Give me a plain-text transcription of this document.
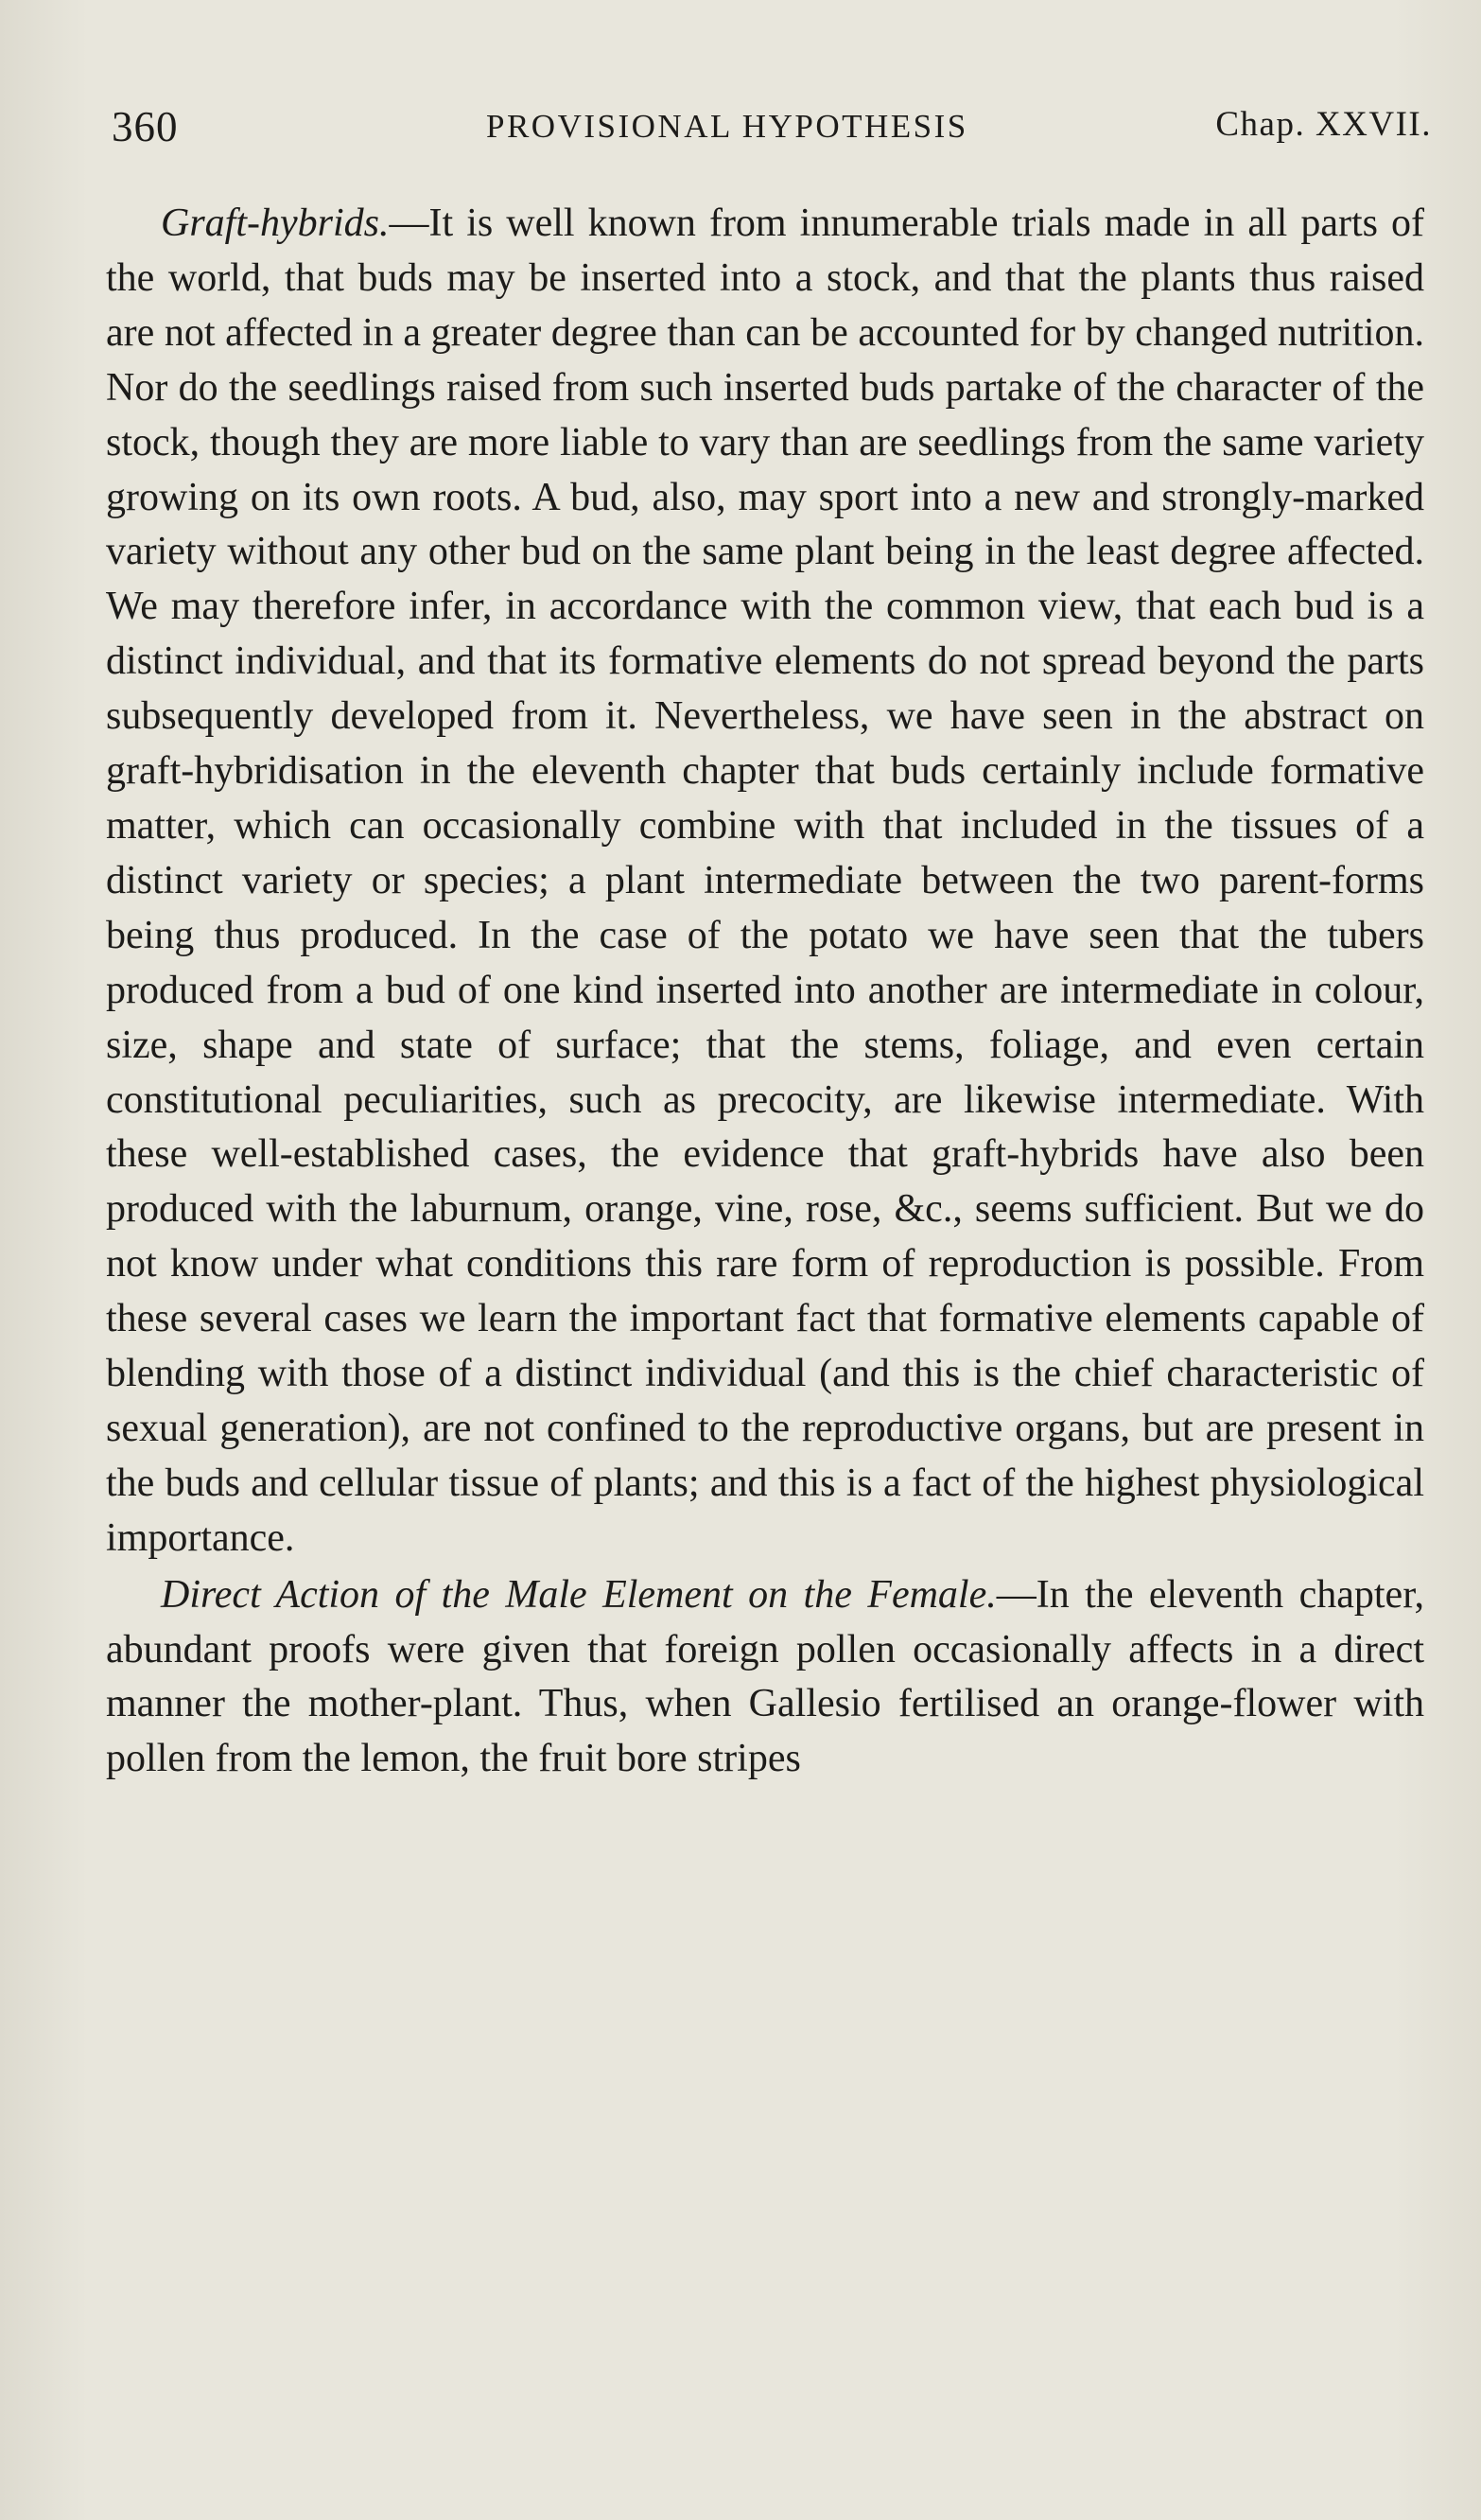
360	PROVISIONAL HYPOTHESIS	Chap. XXVII.

Graft-hybrids.—It is well known from innumerable trials made in all parts of the world, that buds may be inserted into a stock, and that the plants thus raised are not affected in a greater degree than can be accounted for by changed nutrition. Nor do the seedlings raised from such inserted buds partake of the character of the stock, though they are more liable to vary than are seedlings from the same variety growing on its own roots. A bud, also, may sport into a new and strongly-marked variety without any other bud on the same plant being in the least degree affected. We may therefore infer, in accordance with the common view, that each bud is a distinct individual, and that its formative elements do not spread beyond the parts subsequently developed from it. Nevertheless, we have seen in the abstract on graft-hybridisation in the eleventh chapter that buds certainly include formative matter, which can occasionally combine with that included in the tissues of a distinct variety or species; a plant intermediate between the two parent-forms being thus produced. In the case of the potato we have seen that the tubers produced from a bud of one kind inserted into another are intermediate in colour, size, shape and state of surface; that the stems, foliage, and even certain constitutional peculiarities, such as precocity, are likewise intermediate. With these well-established cases, the evidence that graft-hybrids have also been produced with the laburnum, orange, vine, rose, &c., seems sufficient. But we do not know under what conditions this rare form of reproduction is possible. From these several cases we learn the important fact that formative elements capable of blending with those of a distinct individual (and this is the chief characteristic of sexual generation), are not confined to the reproductive organs, but are present in the buds and cellular tissue of plants; and this is a fact of the highest physiological importance.

Direct Action of the Male Element on the Female.—In the eleventh chapter, abundant proofs were given that foreign pollen occasionally affects in a direct manner the mother-plant. Thus, when Gallesio fertilised an orange-flower with pollen from the lemon, the fruit bore stripes
